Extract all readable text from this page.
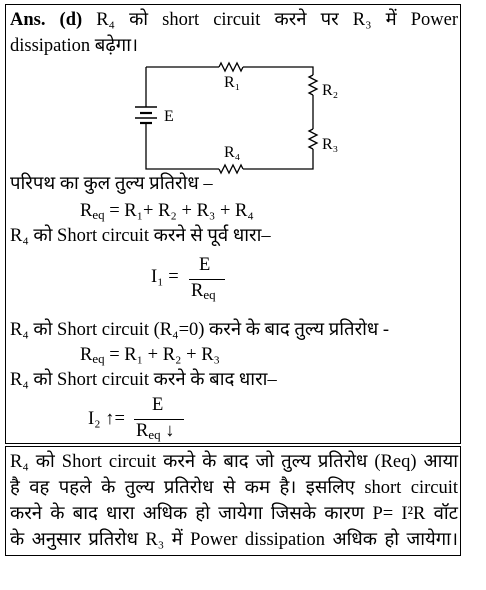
Ans. (d) R₄ को short circuit करने पर R₃ में Power
dissipation बढ़ेगा।
R₁	R₂
R₃
R₄
E
परिपथ का कुल तुल्य प्रतिरोध –
$R_{eq} = R_1+ R_2 + R_3 + R_4$
R₄ को Short circuit करने से पूर्व धारा–
I₁ =
E
$R_{eq}$
R₄ को Short circuit (R₄=0) करने के बाद तुल्य प्रतिरोध -
$R_{eq} = R_1 + R_2 + R_3$
R₄ को Short circuit करने के बाद धारा–
I₂ ↑=
E
$R_{eq}$ ↓
R₄ को Short circuit करने के बाद जो तुल्य प्रतिरोध (Req) आया
है वह पहले के तुल्य प्रतिरोध से कम है। इसलिए short circuit
करने के बाद धारा अधिक हो जायेगा जिसके कारण P= I²R वॉट
के अनुसार प्रतिरोध R₃ में Power dissipation अधिक हो जायेगा।
